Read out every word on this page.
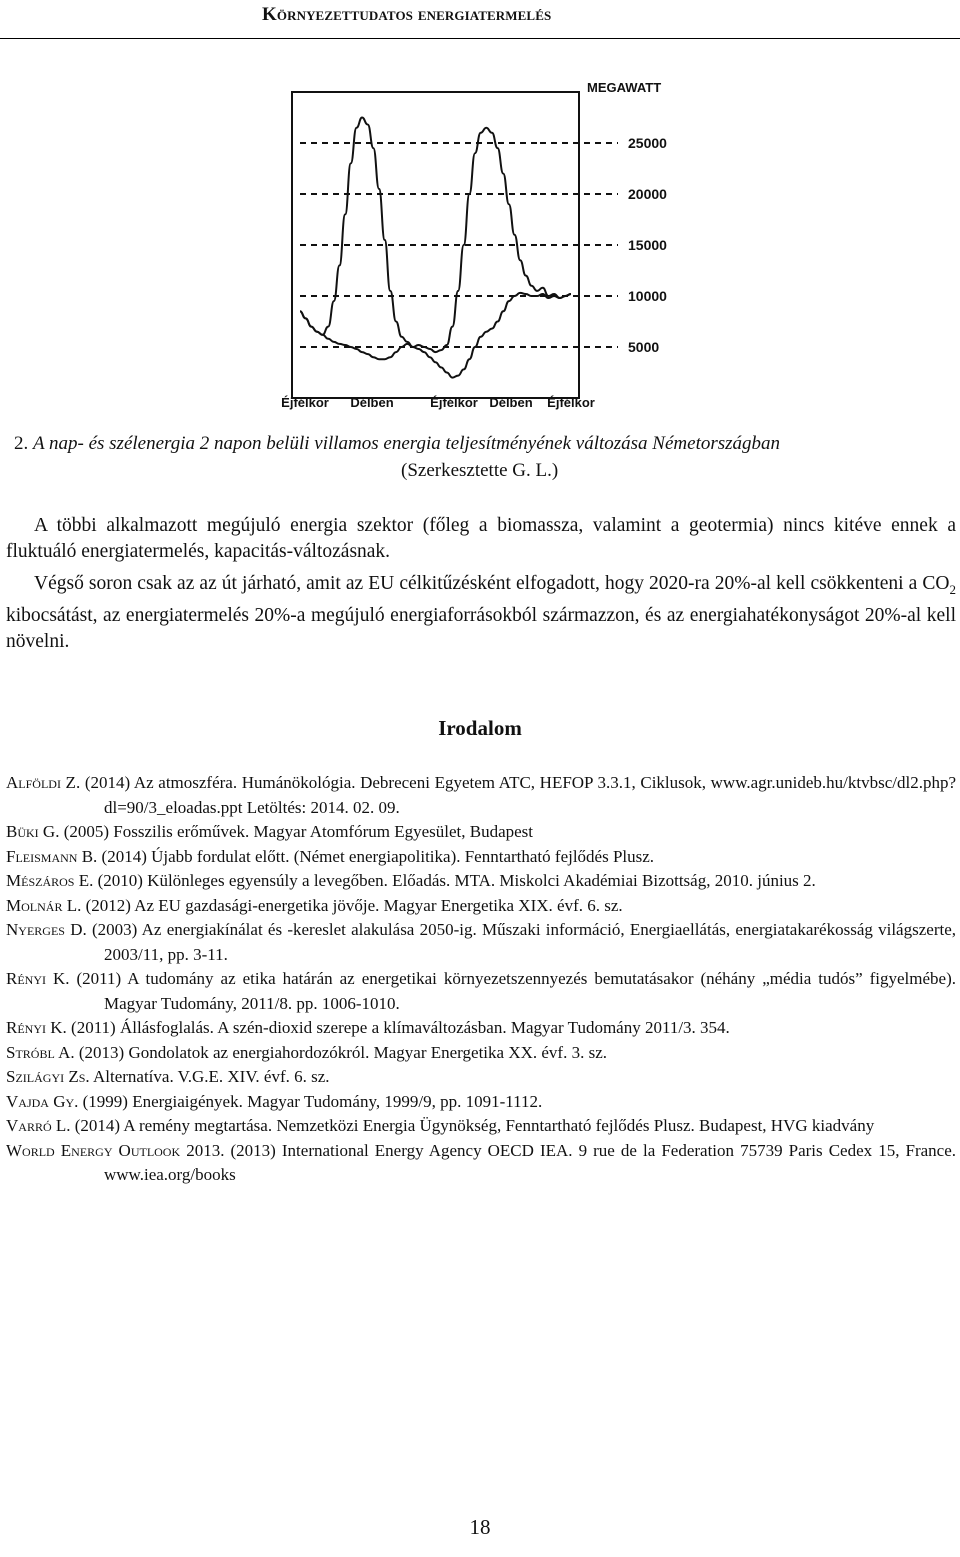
Környezettudatos energiatermelés
5000
10000
15000
20000
25000
Éjfélkor Délben	Éjfélkor Délben Éjfélkor
MEGAWATT
2. A nap- és szélenergia 2 napon belüli villamos energia teljesítményének változása Németországban
(Szerkesztette G. L.)

A többi alkalmazott megújuló energia szektor (főleg a biomassza, valamint a geotermia) nincs kitéve ennek a fluktuáló energiatermelés, kapacitás-változásnak.

Végső soron csak az az út járható, amit az EU célkitűzésként elfogadott, hogy 2020-ra 20%-al kell csökkenteni a $CO_2$ kibocsátást, az energiatermelés 20%-a megújuló energiaforrásokból származzon, és az energiahatékonyságot 20%-al kell növelni.

Irodalom
Alföldi Z. (2014) Az atmoszféra. Humánökológia. Debreceni Egyetem ATC, HEFOP 3.3.1, Ciklusok, www.agr.unideb.hu/ktvbsc/dl2.php?dl=90/3_eloadas.ppt Letöltés: 2014. 02. 09.
Büki G. (2005) Fosszilis erőművek. Magyar Atomfórum Egyesület, Budapest
Fleismann B. (2014) Újabb fordulat előtt. (Német energiapolitika). Fenntartható fejlődés Plusz.
Mészáros E. (2010) Különleges egyensúly a levegőben. Előadás. MTA. Miskolci Akadémiai Bizottság, 2010. június 2.
Molnár L. (2012) Az EU gazdasági-energetika jövője. Magyar Energetika XIX. évf. 6. sz.
Nyerges D. (2003) Az energiakínálat és -kereslet alakulása 2050-ig. Műszaki információ, Energiaellátás, energiatakarékosság világszerte, 2003/11, pp. 3-11.
Rényi K. (2011) A tudomány az etika határán az energetikai környezetszennyezés bemutatásakor (néhány „média tudós” figyelmébe). Magyar Tudomány, 2011/8. pp. 1006-1010.
Rényi K. (2011) Állásfoglalás. A szén-dioxid szerepe a klímaváltozásban. Magyar Tudomány 2011/3. 354.
Stróbl A. (2013) Gondolatok az energiahordozókról. Magyar Energetika XX. évf. 3. sz.
Szilágyi Zs. Alternatíva. V.G.E. XIV. évf. 6. sz.
Vajda Gy. (1999) Energiaigények. Magyar Tudomány, 1999/9, pp. 1091-1112.
Varró L. (2014) A remény megtartása. Nemzetközi Energia Ügynökség, Fenntartható fejlődés Plusz. Budapest, HVG kiadvány
World Energy Outlook 2013. (2013) International Energy Agency OECD IEA. 9 rue de la Federation 75739 Paris Cedex 15, France. www.iea.org/books
18
